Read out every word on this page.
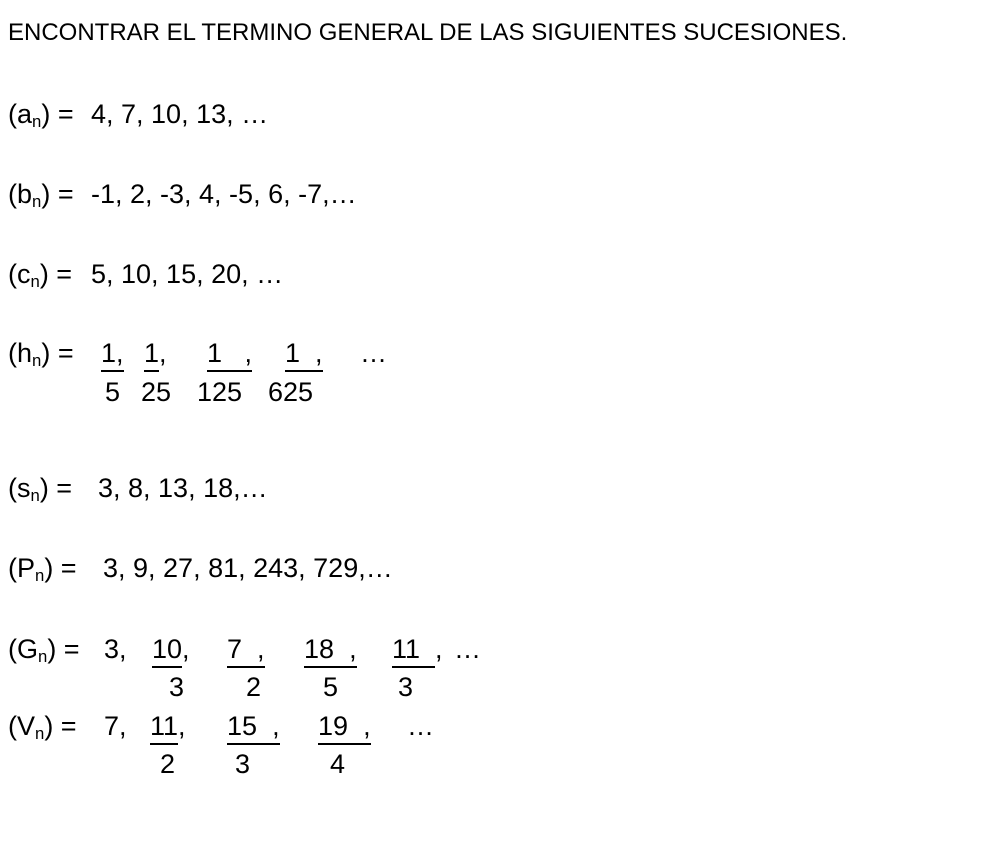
ENCONTRAR EL TERMINO GENERAL DE LAS SIGUIENTES SUCESIONES.
(an) = 4, 7, 10, 13, …
(bn) = -1, 2, -3, 4, -5, 6, -7,…
(cn) = 5, 10, 15, 20, …
(hn) = 1, 1, 1 , 1 , …
5 25 125 625
(sn) = 3, 8, 13, 18,…
(Pn) = 3, 9, 27, 81, 243, 729,…
(Gn) = 3, 10, 7 , 18 , 11 , …
3 2 5 3
(Vn) = 7, 11, 15 , 19 , …
2 3	4
